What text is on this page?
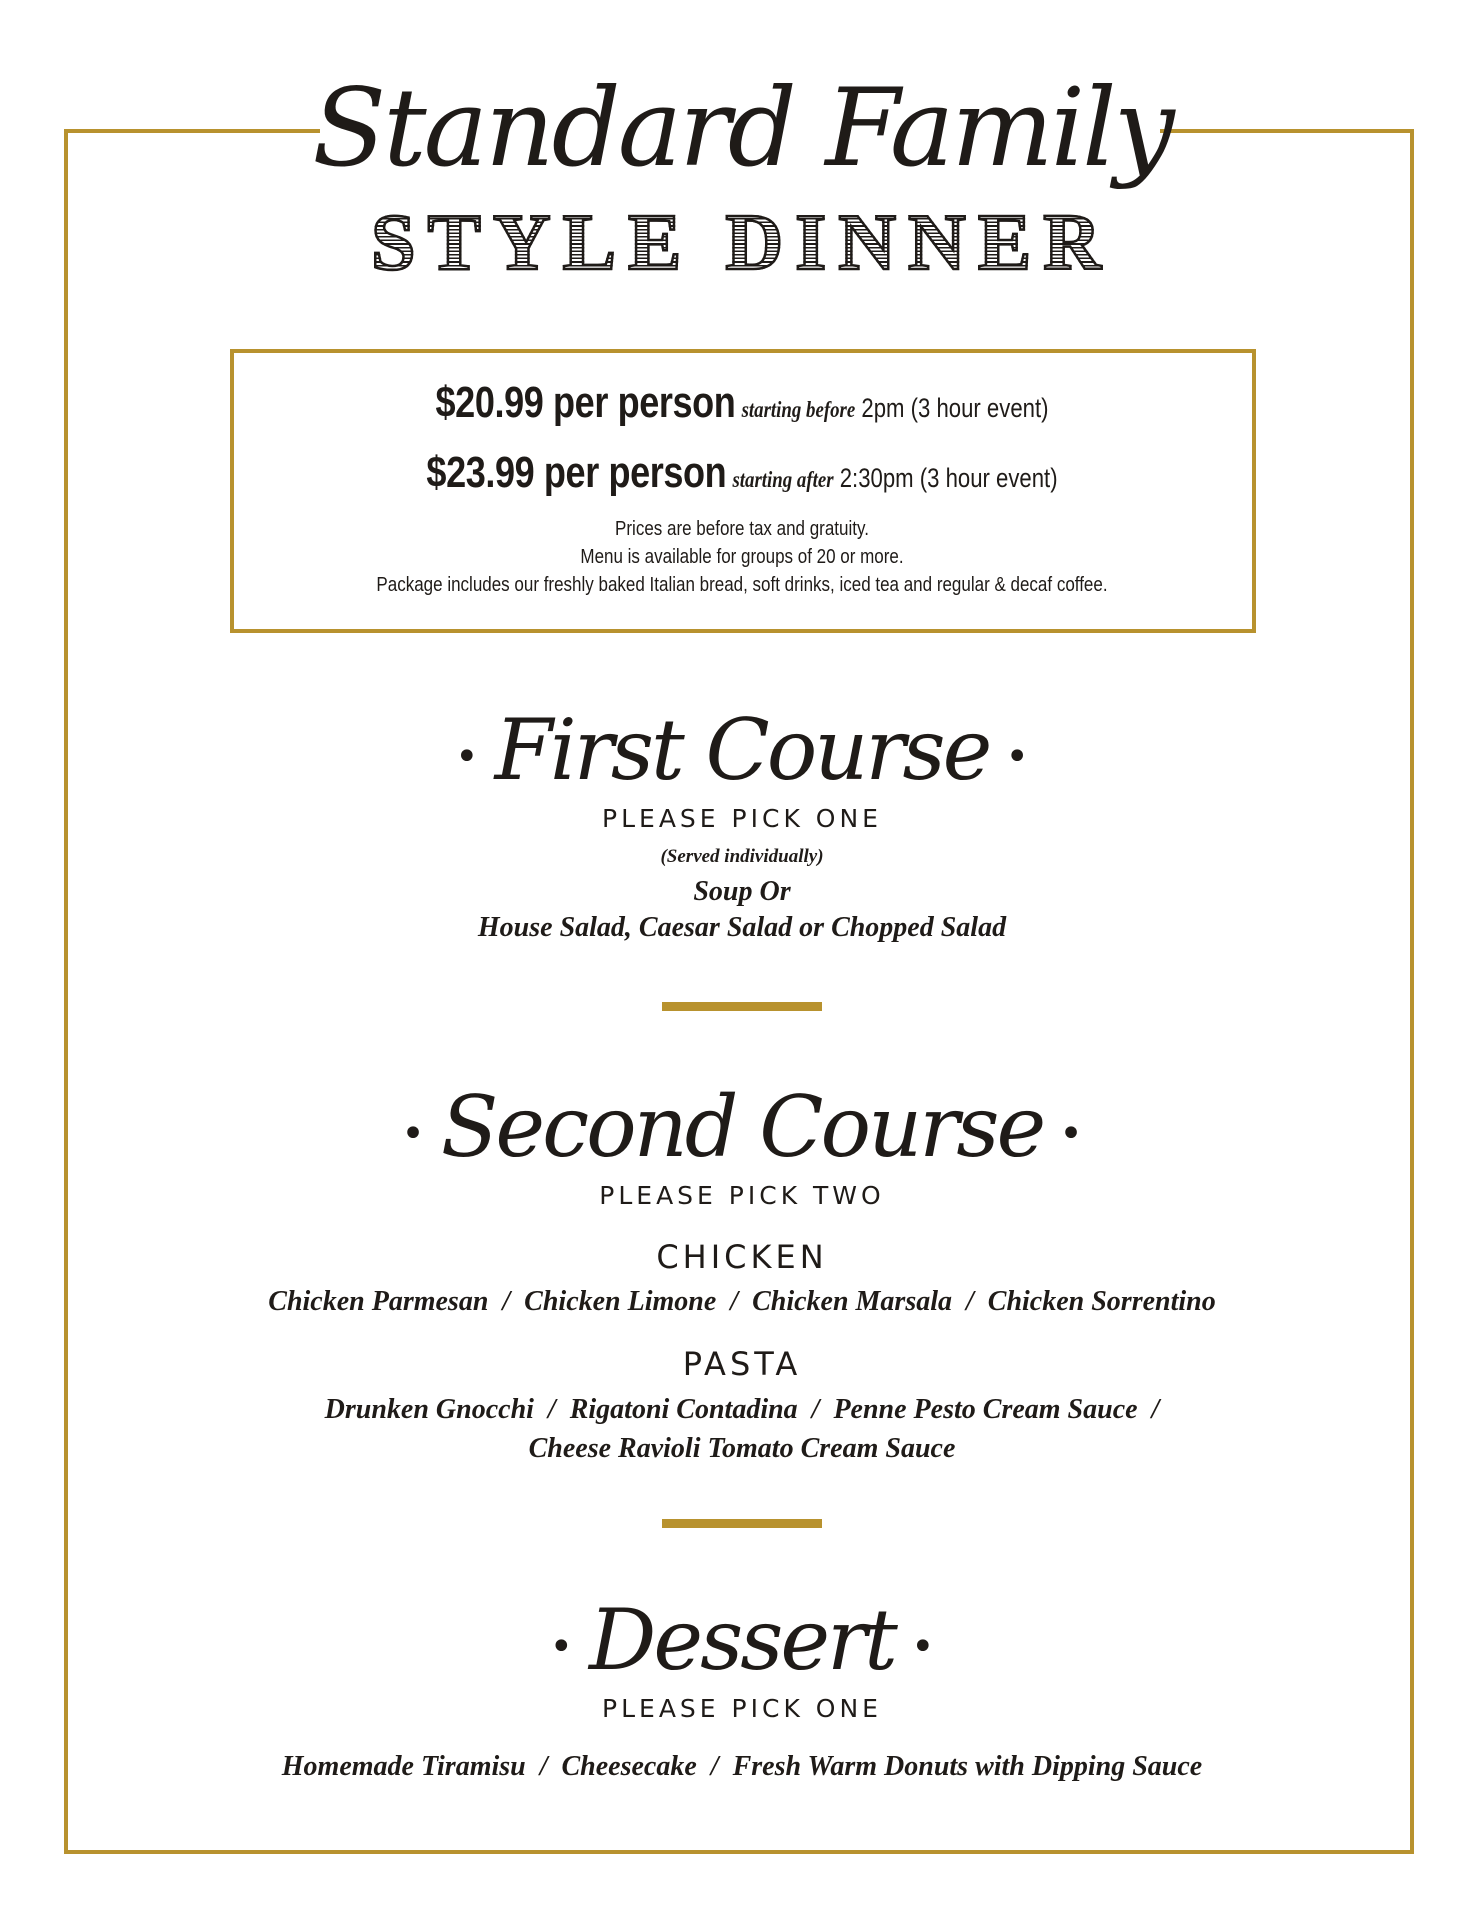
Standard Family
STYLE DINNER
$20.99 per person starting before 2pm (3 hour event)
$23.99 per person starting after 2:30pm (3 hour event)
Prices are before tax and gratuity.
Menu is available for groups of 20 or more.
Package includes our freshly baked Italian bread, soft drinks, iced tea and regular & decaf coffee.
• First Course •
PLEASE PICK ONE
(Served individually)
Soup Or
House Salad, Caesar Salad or Chopped Salad
• Second Course •
PLEASE PICK TWO
CHICKEN
Chicken Parmesan  /  Chicken Limone  /  Chicken Marsala  /  Chicken Sorrentino
PASTA
Drunken Gnocchi  /  Rigatoni Contadina  /  Penne Pesto Cream Sauce  /
Cheese Ravioli Tomato Cream Sauce
• Dessert •
PLEASE PICK ONE
Homemade Tiramisu  /  Cheesecake  /  Fresh Warm Donuts with Dipping Sauce
